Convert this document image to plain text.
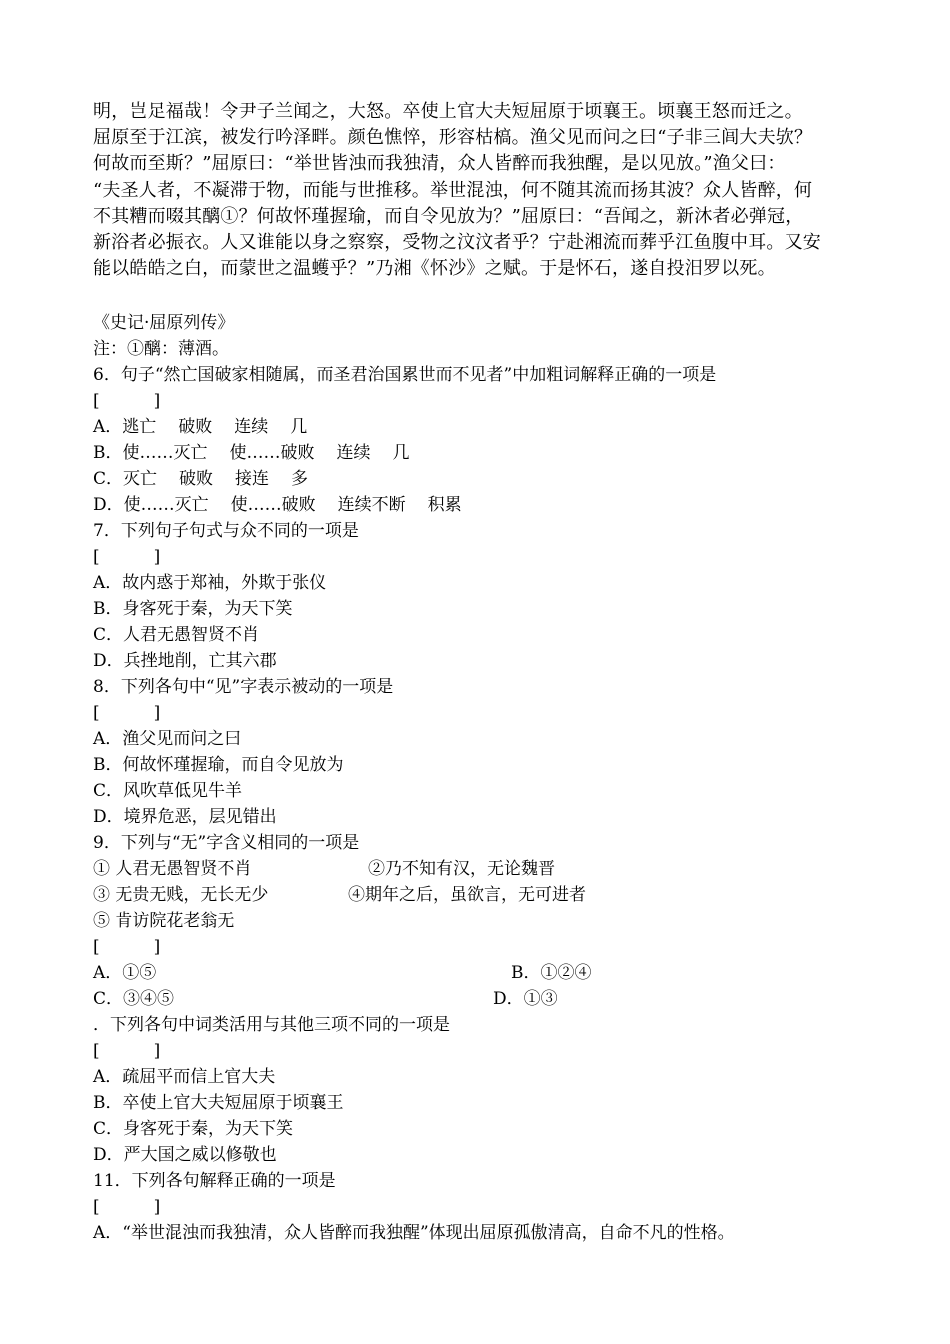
明，岂足福哉！令尹子兰闻之，大怒。卒使上官大夫短屈原于顷襄王。顷襄王怒而迁之。
屈原至于江滨，被发行吟泽畔。颜色憔悴，形容枯槁。渔父见而问之曰“子非三闾大夫欤？
何故而至斯？”屈原曰：“举世皆浊而我独清，众人皆醉而我独醒，是以见放。”渔父曰：
“夫圣人者，不凝滞于物，而能与世推移。举世混浊，何不随其流而扬其波？众人皆醉，何
不其糟而啜其醨①？何故怀瑾握瑜，而自令见放为？”屈原曰：“吾闻之，新沐者必弹冠，
新浴者必振衣。人又谁能以身之察察，受物之汶汶者乎？宁赴湘流而葬乎江鱼腹中耳。又安
能以皓皓之白，而蒙世之温蠖乎？”乃湘《怀沙》之赋。于是怀石，遂自投汨罗以死。
《史记·屈原列传》
注：①醨：薄酒。
6．句子“然亡国破家相随属，而圣君治国累世而不见者”中加粗词解释正确的一项是
[          ]
A．逃亡 破败 连续 几
B．使……灭亡 使……破败 连续 几
C．灭亡 破败 接连 多
D．使……灭亡 使……破败 连续不断 积累
7．下列句子句式与众不同的一项是
[          ]
A．故内惑于郑袖，外欺于张仪
B．身客死于秦，为天下笑
C．人君无愚智贤不肖
D．兵挫地削，亡其六郡
8．下列各句中“见”字表示被动的一项是
[          ]
A．渔父见而问之曰
B．何故怀瑾握瑜，而自令见放为
C．风吹草低见牛羊
D．境界危恶，层见错出
9．下列与“无”字含义相同的一项是
① 人君无愚智贤不肖	②乃不知有汉，无论魏晋
③ 无贵无贱，无长无少	④期年之后，虽欲言，无可进者
⑤ 肯访院花老翁无
[          ]
A．①⑤	B．①②④
C．③④⑤	D．①③
．下列各句中词类活用与其他三项不同的一项是
[          ]
A．疏屈平而信上官大夫
B．卒使上官大夫短屈原于顷襄王
C．身客死于秦，为天下笑
D．严大国之威以修敬也
11．下列各句解释正确的一项是
[          ]
A．“举世混浊而我独清，众人皆醉而我独醒”体现出屈原孤傲清高，自命不凡的性格。
